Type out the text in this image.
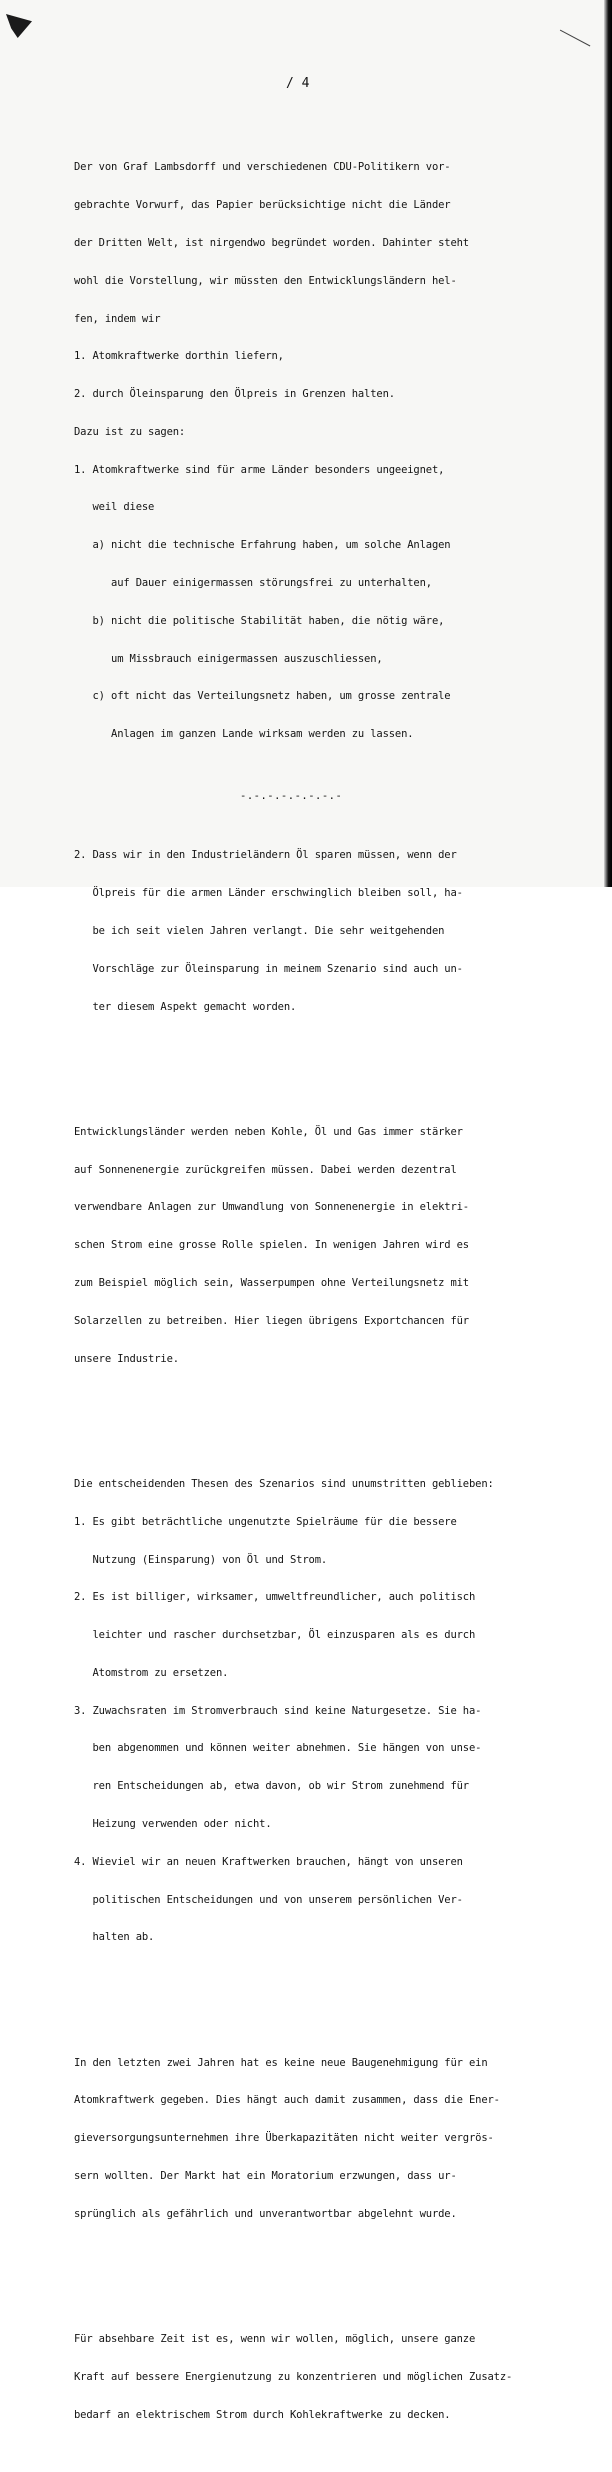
/ 4

Der von Graf Lambsdorff und verschiedenen CDU-Politikern vor-

gebrachte Vorwurf, das Papier berücksichtige nicht die Länder

der Dritten Welt, ist nirgendwo begründet worden. Dahinter steht

wohl die Vorstellung, wir müssten den Entwicklungsländern hel-

fen, indem wir

1. Atomkraftwerke dorthin liefern,

2. durch Öleinsparung den Ölpreis in Grenzen halten.

Dazu ist zu sagen:

1. Atomkraftwerke sind für arme Länder besonders ungeeignet,

weil diese

a) nicht die technische Erfahrung haben, um solche Anlagen

auf Dauer einigermassen störungsfrei zu unterhalten,

b) nicht die politische Stabilität haben, die nötig wäre,

um Missbrauch einigermassen auszuschliessen,

c) oft nicht das Verteilungsnetz haben, um grosse zentrale

Anlagen im ganzen Lande wirksam werden zu lassen.

2. Dass wir in den Industrieländern Öl sparen müssen, wenn der

Ölpreis für die armen Länder erschwinglich bleiben soll, ha-

be ich seit vielen Jahren verlangt. Die sehr weitgehenden

Vorschläge zur Öleinsparung in meinem Szenario sind auch un-

ter diesem Aspekt gemacht worden.

Entwicklungsländer werden neben Kohle, Öl und Gas immer stärker

auf Sonnenenergie zurückgreifen müssen. Dabei werden dezentral

verwendbare Anlagen zur Umwandlung von Sonnenenergie in elektri-

schen Strom eine grosse Rolle spielen. In wenigen Jahren wird es

zum Beispiel möglich sein, Wasserpumpen ohne Verteilungsnetz mit

Solarzellen zu betreiben. Hier liegen übrigens Exportchancen für

unsere Industrie.

Die entscheidenden Thesen des Szenarios sind unumstritten geblieben:

1. Es gibt beträchtliche ungenutzte Spielräume für die bessere

Nutzung (Einsparung) von Öl und Strom.

2. Es ist billiger, wirksamer, umweltfreundlicher, auch politisch

leichter und rascher durchsetzbar, Öl einzusparen als es durch

Atomstrom zu ersetzen.

3. Zuwachsraten im Stromverbrauch sind keine Naturgesetze. Sie ha-

ben abgenommen und können weiter abnehmen. Sie hängen von unse-

ren Entscheidungen ab, etwa davon, ob wir Strom zunehmend für

Heizung verwenden oder nicht.

4. Wieviel wir an neuen Kraftwerken brauchen, hängt von unseren

politischen Entscheidungen und von unserem persönlichen Ver-

halten ab.

In den letzten zwei Jahren hat es keine neue Baugenehmigung für ein

Atomkraftwerk gegeben. Dies hängt auch damit zusammen, dass die Ener-

gieversorgungsunternehmen ihre Überkapazitäten nicht weiter vergrös-

sern wollten. Der Markt hat ein Moratorium erzwungen, dass ur-

sprünglich als gefährlich und unverantwortbar abgelehnt wurde.

Für absehbare Zeit ist es, wenn wir wollen, möglich, unsere ganze

Kraft auf bessere Energienutzung zu konzentrieren und möglichen Zusatz-

bedarf an elektrischem Strom durch Kohlekraftwerke zu decken.

-.-.-.-.-.-.-.-
